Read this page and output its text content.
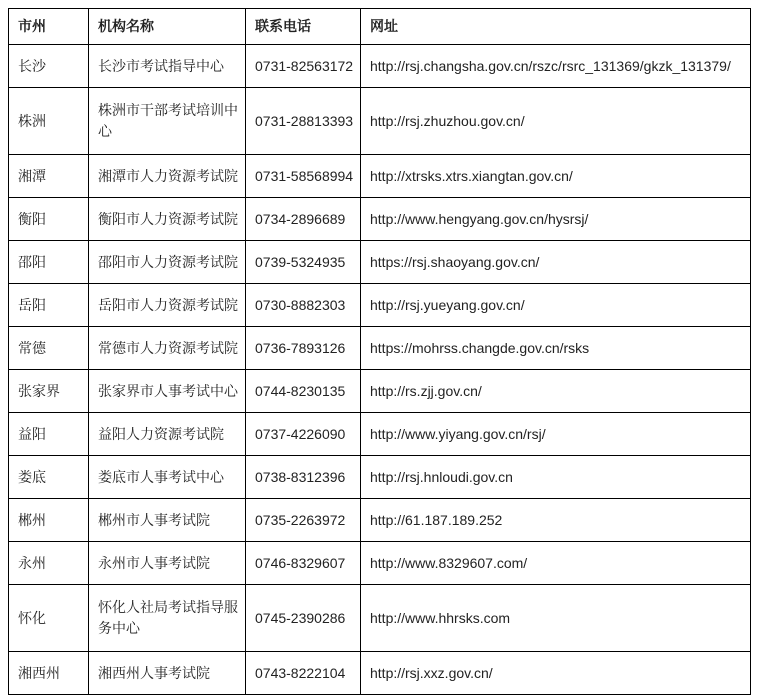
市州	机构名称	联系电话	网址
长沙	长沙市考试指导中心	0731-82563172	http://rsj.changsha.gov.cn/rszc/rsrc_131369/gkzk_131379/
株洲	株洲市干部考试培训中心	0731-28813393	http://rsj.zhuzhou.gov.cn/
湘潭	湘潭市人力资源考试院	0731-58568994	http://xtrsks.xtrs.xiangtan.gov.cn/
衡阳	衡阳市人力资源考试院	0734-2896689	http://www.hengyang.gov.cn/hysrsj/
邵阳	邵阳市人力资源考试院	0739-5324935	https://rsj.shaoyang.gov.cn/
岳阳	岳阳市人力资源考试院	0730-8882303	http://rsj.yueyang.gov.cn/
常德	常德市人力资源考试院	0736-7893126	https://mohrss.changde.gov.cn/rsks
张家界	张家界市人事考试中心	0744-8230135	http://rs.zjj.gov.cn/
益阳	益阳人力资源考试院	0737-4226090	http://www.yiyang.gov.cn/rsj/
娄底	娄底市人事考试中心	0738-8312396	http://rsj.hnloudi.gov.cn
郴州	郴州市人事考试院	0735-2263972	http://61.187.189.252
永州	永州市人事考试院	0746-8329607	http://www.8329607.com/
怀化	怀化人社局考试指导服务中心	0745-2390286	http://www.hhrsks.com
湘西州	湘西州人事考试院	0743-8222104	http://rsj.xxz.gov.cn/
